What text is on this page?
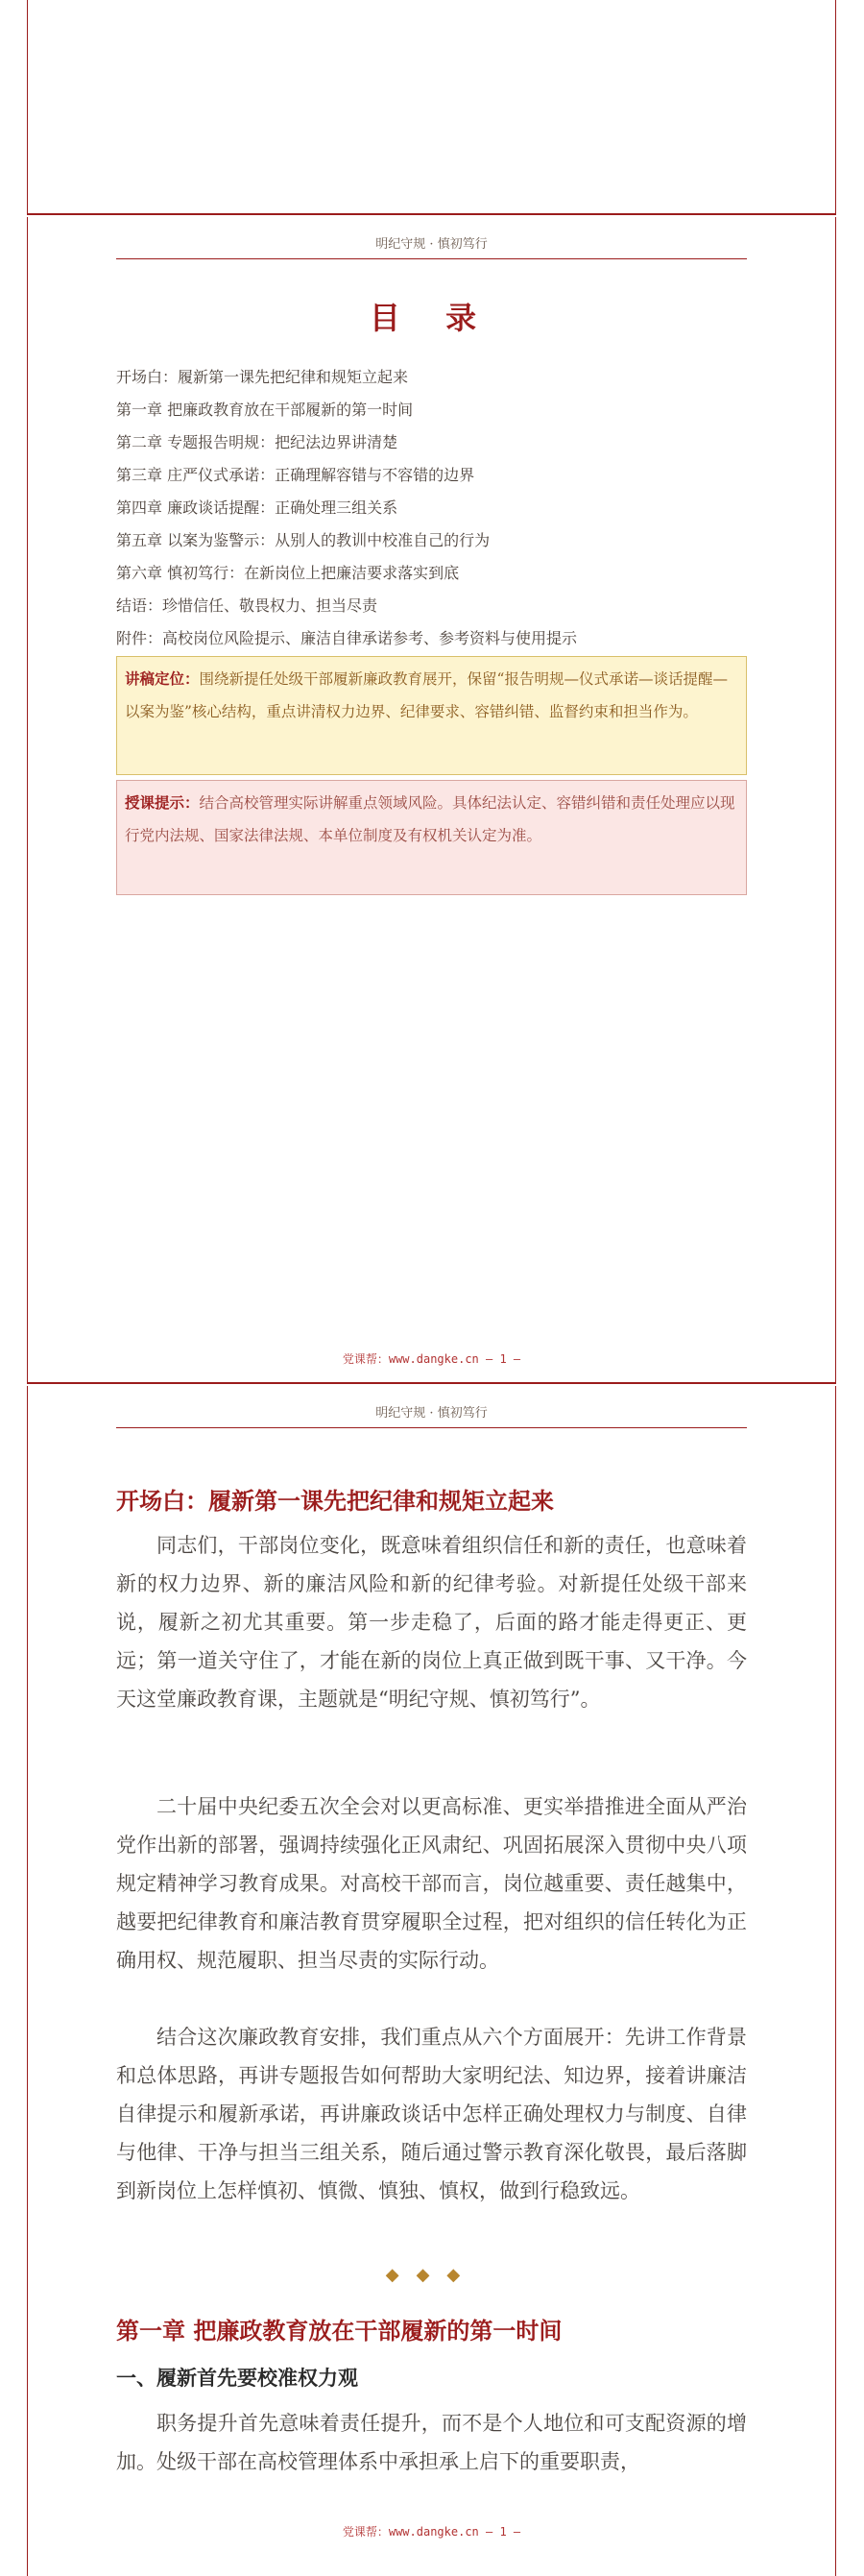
明纪守规 · 慎初笃行
目 录
开场白：履新第一课先把纪律和规矩立起来
第一章 把廉政教育放在干部履新的第一时间
第二章 专题报告明规：把纪法边界讲清楚
第三章 庄严仪式承诺：正确理解容错与不容错的边界
第四章 廉政谈话提醒：正确处理三组关系
第五章 以案为鉴警示：从别人的教训中校准自己的行为
第六章 慎初笃行：在新岗位上把廉洁要求落实到底
结语：珍惜信任、敬畏权力、担当尽责
附件：高校岗位风险提示、廉洁自律承诺参考、参考资料与使用提示
讲稿定位：围绕新提任处级干部履新廉政教育展开，保留“报告明规—仪式承诺—谈话提醒—以案为鉴”核心结构，重点讲清权力边界、纪律要求、容错纠错、监督约束和担当作为。
授课提示：结合高校管理实际讲解重点领域风险。具体纪法认定、容错纠错和责任处理应以现行党内法规、国家法律法规、本单位制度及有权机关认定为准。
党课帮：www.dangke.cn — 1 —
明纪守规 · 慎初笃行
开场白：履新第一课先把纪律和规矩立起来

同志们，干部岗位变化，既意味着组织信任和新的责任，也意味着新的权力边界、新的廉洁风险和新的纪律考验。对新提任处级干部来说，履新之初尤其重要。第一步走稳了，后面的路才能走得更正、更远；第一道关守住了，才能在新的岗位上真正做到既干事、又干净。今天这堂廉政教育课，主题就是“明纪守规、慎初笃行”。

二十届中央纪委五次全会对以更高标准、更实举措推进全面从严治党作出新的部署，强调持续强化正风肃纪、巩固拓展深入贯彻中央八项规定精神学习教育成果。对高校干部而言，岗位越重要、责任越集中，越要把纪律教育和廉洁教育贯穿履职全过程，把对组织的信任转化为正确用权、规范履职、担当尽责的实际行动。

结合这次廉政教育安排，我们重点从六个方面展开：先讲工作背景和总体思路，再讲专题报告如何帮助大家明纪法、知边界，接着讲廉洁自律提示和履新承诺，再讲廉政谈话中怎样正确处理权力与制度、自律与他律、干净与担当三组关系，随后通过警示教育深化敬畏，最后落脚到新岗位上怎样慎初、慎微、慎独、慎权，做到行稳致远。

◆◆◆
第一章 把廉政教育放在干部履新的第一时间
一、履新首先要校准权力观

职务提升首先意味着责任提升，而不是个人地位和可支配资源的增加。处级干部在高校管理体系中承担承上启下的重要职责，

党课帮：www.dangke.cn — 1 —
